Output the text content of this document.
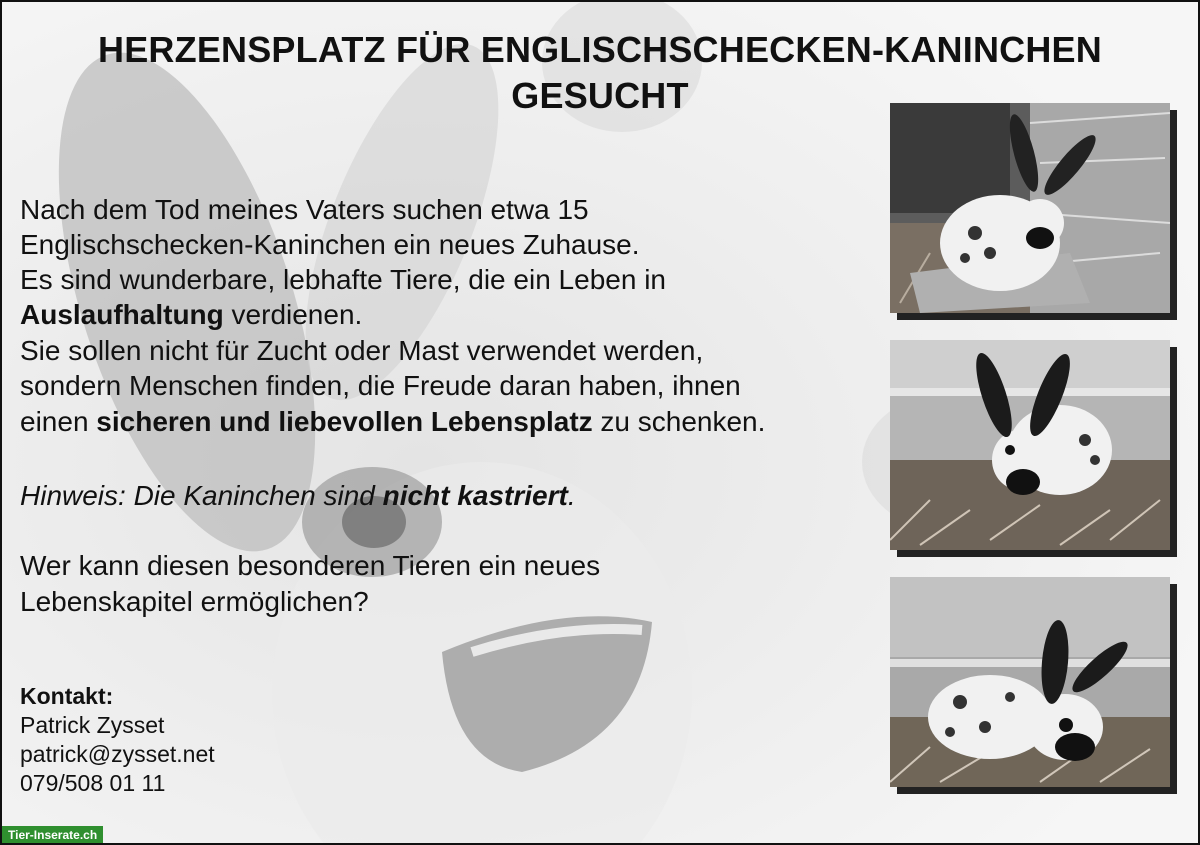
HERZENSPLATZ FÜR ENGLISCHSCHECKEN-KANINCHEN
GESUCHT
Nach dem Tod meines Vaters suchen etwa 15
Englischschecken-Kaninchen ein neues Zuhause.
Es sind wunderbare, lebhafte Tiere, die ein Leben in
Auslaufhaltung verdienen.
Sie sollen nicht für Zucht oder Mast verwendet werden,
sondern Menschen finden, die Freude daran haben, ihnen
einen sicheren und liebevollen Lebensplatz zu schenken.
Hinweis: Die Kaninchen sind nicht kastriert.
Wer kann diesen besonderen Tieren ein neues
Lebenskapitel ermöglichen?
Kontakt:
Patrick Zysset
patrick@zysset.net
079/508 01 11
Tier-Inserate.ch
